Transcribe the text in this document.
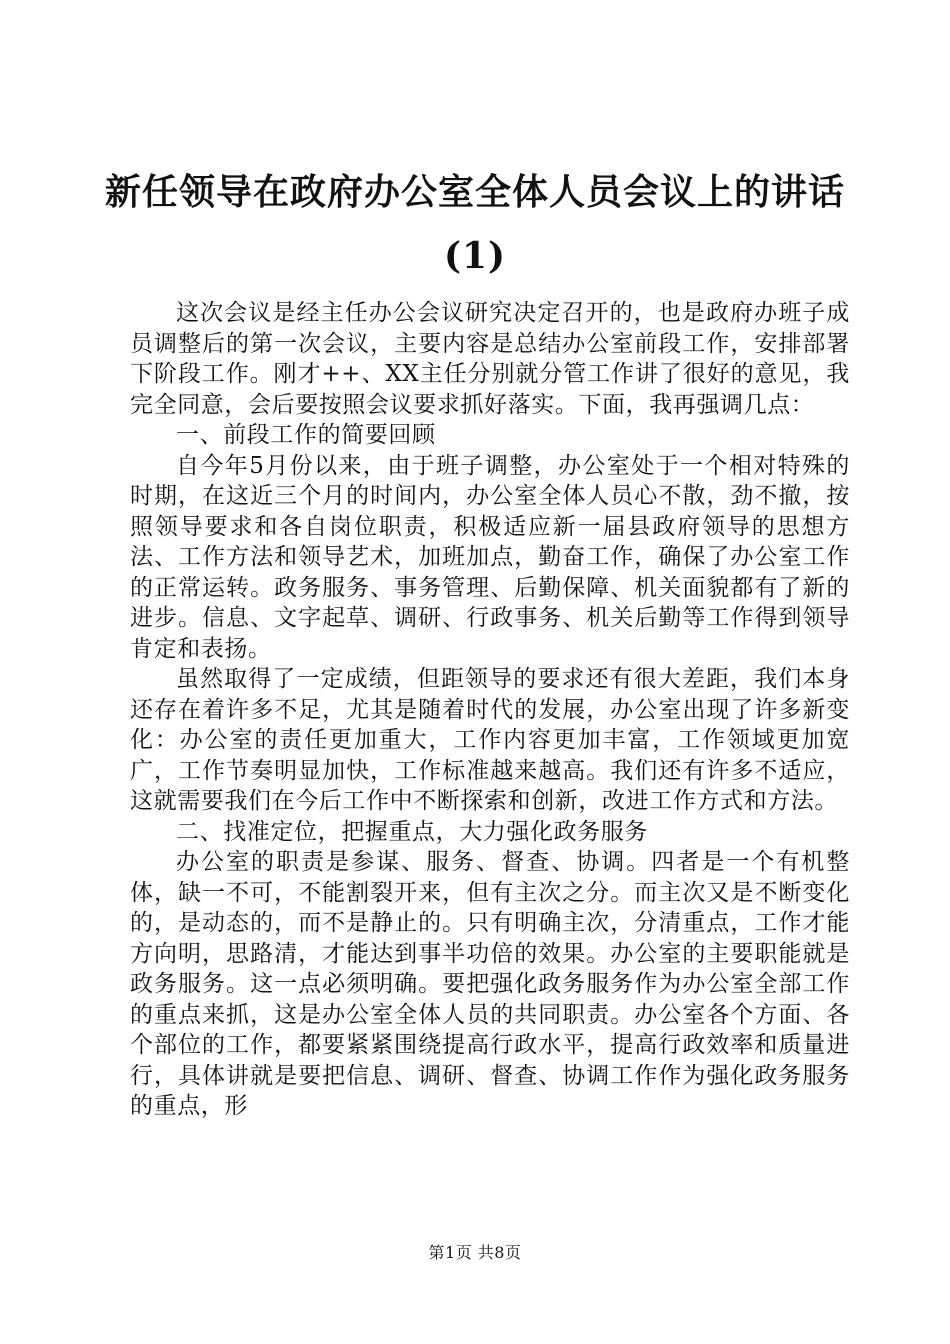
新任领导在政府办公室全体人员会议上的讲话
(1)

这次会议是经主任办公会议研究决定召开的，也是政府办班子成员调整后的第一次会议，主要内容是总结办公室前段工作，安排部署下阶段工作。刚才++、XX主任分别就分管工作讲了很好的意见，我完全同意，会后要按照会议要求抓好落实。下面，我再强调几点：

一、前段工作的简要回顾

自今年5月份以来，由于班子调整，办公室处于一个相对特殊的时期，在这近三个月的时间内，办公室全体人员心不散，劲不撤，按照领导要求和各自岗位职责，积极适应新一届县政府领导的思想方法、工作方法和领导艺术，加班加点，勤奋工作，确保了办公室工作的正常运转。政务服务、事务管理、后勤保障、机关面貌都有了新的进步。信息、文字起草、调研、行政事务、机关后勤等工作得到领导肯定和表扬。

虽然取得了一定成绩，但距领导的要求还有很大差距，我们本身还存在着许多不足，尤其是随着时代的发展，办公室出现了许多新变化：办公室的责任更加重大，工作内容更加丰富，工作领域更加宽广，工作节奏明显加快，工作标准越来越高。我们还有许多不适应，这就需要我们在今后工作中不断探索和创新，改进工作方式和方法。

二、找准定位，把握重点，大力强化政务服务

办公室的职责是参谋、服务、督查、协调。四者是一个有机整体，缺一不可，不能割裂开来，但有主次之分。而主次又是不断变化的，是动态的，而不是静止的。只有明确主次，分清重点，工作才能方向明，思路清，才能达到事半功倍的效果。办公室的主要职能就是政务服务。这一点必须明确。要把强化政务服务作为办公室全部工作的重点来抓，这是办公室全体人员的共同职责。办公室各个方面、各个部位的工作，都要紧紧围绕提高行政水平，提高行政效率和质量进行，具体讲就是要把信息、调研、督查、协调工作作为强化政务服务的重点，形

第1页 共8页
